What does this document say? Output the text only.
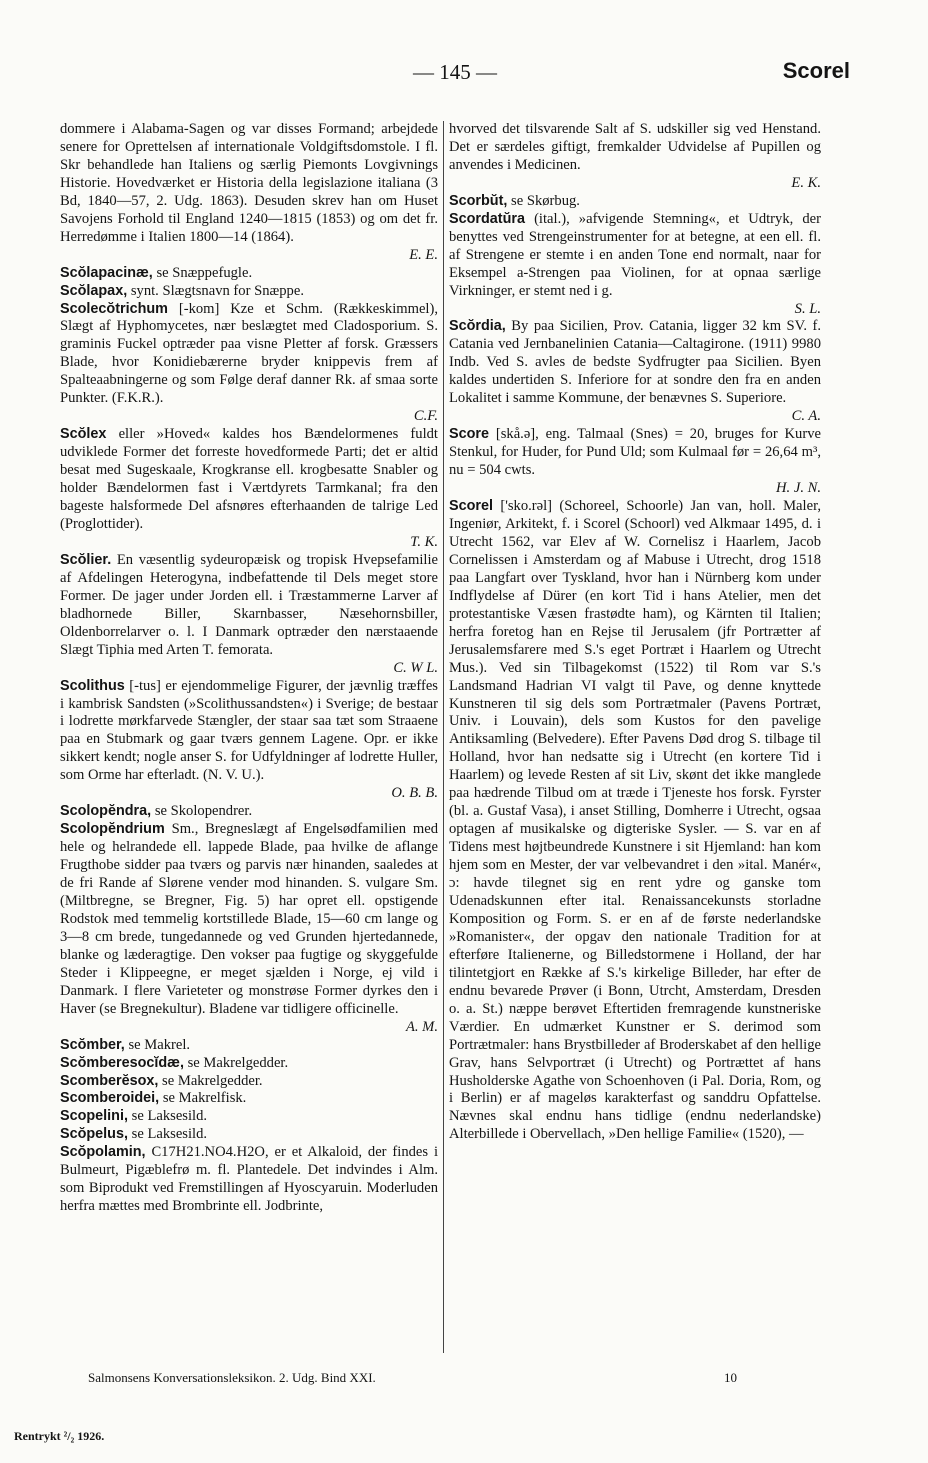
— 145 —	Scorel

dommere i Alabama-Sagen og var disses Formand; arbejdede senere for Oprettelsen af internationale Voldgiftsdomstole. I fl. Skr behandlede han Italiens og særlig Piemonts Lovgivnings Historie. Hovedværket er Historia della legislazione italiana (3 Bd, 1840—57, 2. Udg. 1863). Desuden skrev han om Huset Savojens Forhold til England 1240—1815 (1853) og om det fr. Herredømme i Italien 1800—14 (1864).
E. E.

Scŏlapacinæ, se Snæppefugle.

Scŏlapax, synt. Slægtsnavn for Snæppe.

Scolecŏtrichum [-kom] Kze et Schm. (Rækkeskimmel), Slægt af Hyphomycetes, nær beslægtet med Cladosporium. S. graminis Fuckel optræder paa visne Pletter af forsk. Græssers Blade, hvor Konidiebærerne bryder knippevis frem af Spalteaabningerne og som Følge deraf danner Rk. af smaa sorte Punkter. (F.K.R.).
C.F.

Scŏlex eller »Hoved« kaldes hos Bændelormenes fuldt udviklede Former det forreste hovedformede Parti; det er altid besat med Sugeskaale, Krogkranse ell. krogbesatte Snabler og holder Bændelormen fast i Værtdyrets Tarmkanal; fra den bageste halsformede Del afsnøres efterhaanden de talrige Led (Proglottider).
T. K.

Scŏlier. En væsentlig sydeuropæisk og tropisk Hvepsefamilie af Afdelingen Heterogyna, indbefattende til Dels meget store Former. De jager under Jorden ell. i Træstammerne Larver af bladhornede Biller, Skarnbasser, Næsehornsbiller, Oldenborrelarver o. l. I Danmark optræder den nærstaaende Slægt Tiphia med Arten T. femorata.
C. W L.

Scolithus [-tus] er ejendommelige Figurer, der jævnlig træffes i kambrisk Sandsten (»Scolithussandsten«) i Sverige; de bestaar i lodrette mørkfarvede Stængler, der staar saa tæt som Straaene paa en Stubmark og gaar tværs gennem Lagene. Opr. er ikke sikkert kendt; nogle anser S. for Udfyldninger af lodrette Huller, som Orme har efterladt. (N. V. U.).
O. B. B.

Scolopĕndra, se Skolopendrer.

Scolopĕndrium Sm., Bregneslægt af Engelsødfamilien med hele og helrandede ell. lappede Blade, paa hvilke de aflange Frugthobe sidder paa tværs og parvis nær hinanden, saaledes at de fri Rande af Slørene vender mod hinanden. S. vulgare Sm. (Miltbregne, se Bregner, Fig. 5) har opret ell. opstigende Rodstok med temmelig kortstillede Blade, 15—60 cm lange og 3—8 cm brede, tungedannede og ved Grunden hjertedannede, blanke og læderagtige. Den vokser paa fugtige og skyggefulde Steder i Klippeegne, er meget sjælden i Norge, ej vild i Danmark. I flere Varieteter og monstrøse Former dyrkes den i Haver (se Bregnekultur). Bladene var tidligere officinelle.
A. M.

Scŏmber, se Makrel.

Scŏmberesocĭdæ, se Makrelgedder.

Scomberĕsox, se Makrelgedder.

Scomberoidei, se Makrelfisk.

Scopelini, se Laksesild.

Scŏpelus, se Laksesild.

Scŏpolamin, C17H21.NO4.H2O, er et Alkaloid, der findes i Bulmeurt, Pigæblefrø m. fl. Plantedele. Det indvindes i Alm. som Biprodukt ved Fremstillingen af Hyoscyaruin. Moderluden herfra mættes med Brombrinte ell. Jodbrinte,

hvorved det tilsvarende Salt af S. udskiller sig ved Henstand. Det er særdeles giftigt, fremkalder Udvidelse af Pupillen og anvendes i Medicinen.
E. K.

Scorbŭt, se Skørbug.

Scordatŭra (ital.), »afvigende Stemning«, et Udtryk, der benyttes ved Strengeinstrumenter for at betegne, at een ell. fl. af Strengene er stemte i en anden Tone end normalt, naar for Eksempel a-Strengen paa Violinen, for at opnaa særlige Virkninger, er stemt ned i g.
S. L.

Scŏrdia, By paa Sicilien, Prov. Catania, ligger 32 km SV. f. Catania ved Jernbanelinien Catania—Caltagirone. (1911) 9980 Indb. Ved S. avles de bedste Sydfrugter paa Sicilien. Byen kaldes undertiden S. Inferiore for at sondre den fra en anden Lokalitet i samme Kommune, der benævnes S. Superiore.
C. A.

Score [skå.ə], eng. Talmaal (Snes) = 20, bruges for Kurve Stenkul, for Huder, for Pund Uld; som Kulmaal før = 26,64 m³, nu = 504 cwts.
H. J. N.

Scorel ['sko.rəl] (Schoreel, Schoorle) Jan van, holl. Maler, Ingeniør, Arkitekt, f. i Scorel (Schoorl) ved Alkmaar 1495, d. i Utrecht 1562, var Elev af W. Cornelisz i Haarlem, Jacob Cornelissen i Amsterdam og af Mabuse i Utrecht, drog 1518 paa Langfart over Tyskland, hvor han i Nürnberg kom under Indflydelse af Dürer (en kort Tid i hans Atelier, men det protestantiske Væsen frastødte ham), og Kärnten til Italien; herfra foretog han en Rejse til Jerusalem (jfr Portrætter af Jerusalemsfarere med S.'s eget Portræt i Haarlem og Utrecht Mus.). Ved sin Tilbagekomst (1522) til Rom var S.'s Landsmand Hadrian VI valgt til Pave, og denne knyttede Kunstneren til sig dels som Portrætmaler (Pavens Portræt, Univ. i Louvain), dels som Kustos for den pavelige Antiksamling (Belvedere). Efter Pavens Død drog S. tilbage til Holland, hvor han nedsatte sig i Utrecht (en kortere Tid i Haarlem) og levede Resten af sit Liv, skønt det ikke manglede paa hædrende Tilbud om at træde i Tjeneste hos forsk. Fyrster (bl. a. Gustaf Vasa), i anset Stilling, Domherre i Utrecht, ogsaa optagen af musikalske og digteriske Sysler. — S. var en af Tidens mest højtbeundrede Kunstnere i sit Hjemland: han kom hjem som en Mester, der var velbevandret i den »ital. Manér«, ɔ: havde tilegnet sig en rent ydre og ganske tom Udenadskunnen efter ital. Renaissancekunsts storladne Komposition og Form. S. er en af de første nederlandske »Romanister«, der opgav den nationale Tradition for at efterføre Italienerne, og Billedstormene i Holland, der har tilintetgjort en Række af S.'s kirkelige Billeder, har efter de endnu bevarede Prøver (i Bonn, Utrcht, Amsterdam, Dresden o. a. St.) næppe berøvet Eftertiden fremragende kunstneriske Værdier. En udmærket Kunstner er S. derimod som Portrætmaler: hans Brystbilleder af Broderskabet af den hellige Grav, hans Selvportræt (i Utrecht) og Portrættet af hans Husholderske Agathe von Schoenhoven (i Pal. Doria, Rom, og i Berlin) er af mageløs karakterfast og sanddru Opfattelse. Nævnes skal endnu hans tidlige (endnu nederlandske) Alterbillede i Obervellach, »Den hellige Familie« (1520), —

Salmonsens Konversationsleksikon. 2. Udg. Bind XXI.	10
Rentrykt ²/₂ 1926.
